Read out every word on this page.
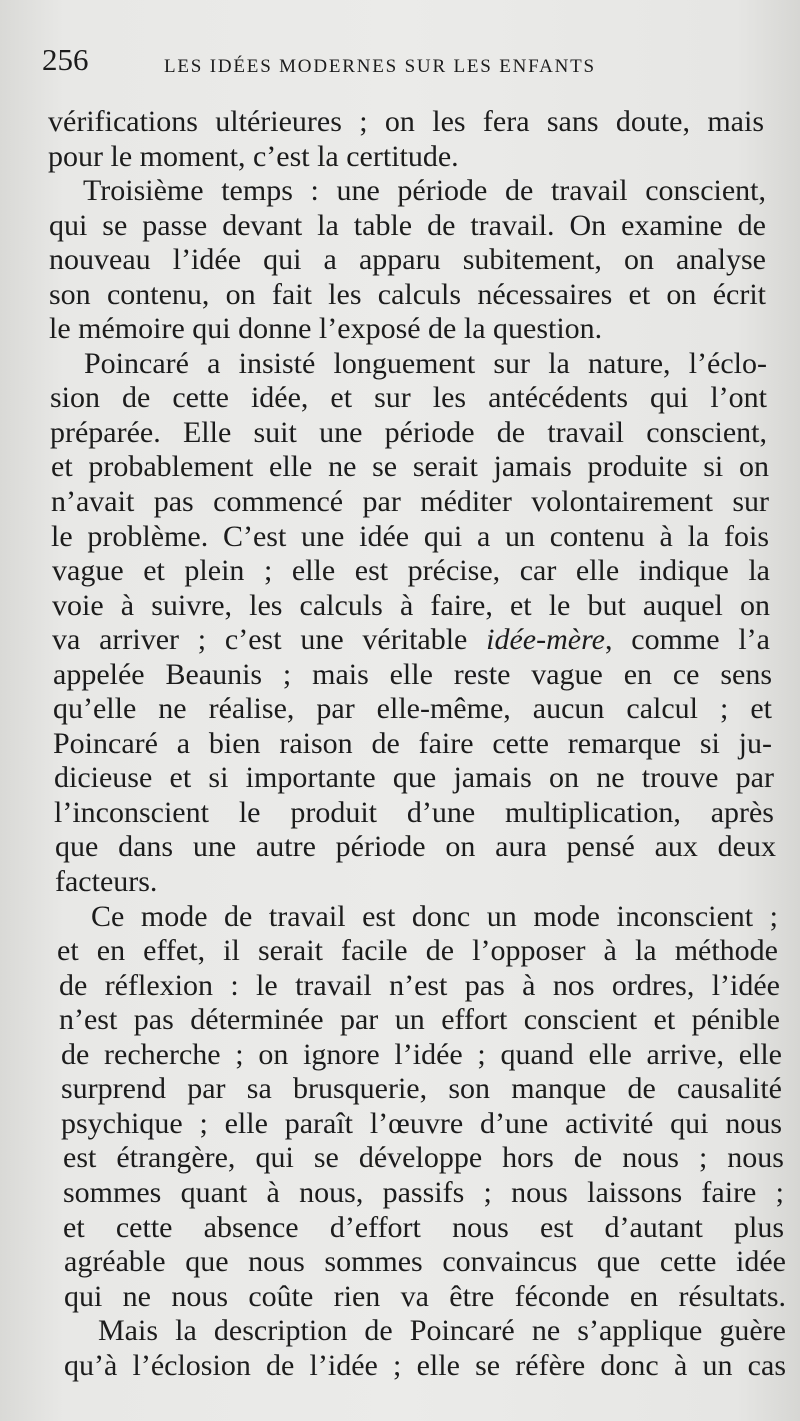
256	LES IDÉES MODERNES SUR LES ENFANTS
vérifications ultérieures ; on les fera sans doute, mais
pour le moment, c’est la certitude.
Troisième temps : une période de travail conscient,
qui se passe devant la table de travail. On examine de
nouveau l’idée qui a apparu subitement, on analyse
son contenu, on fait les calculs nécessaires et on écrit
le mémoire qui donne l’exposé de la question.
Poincaré a insisté longuement sur la nature, l’éclo-
sion de cette idée, et sur les antécédents qui l’ont
préparée. Elle suit une période de travail conscient,
et probablement elle ne se serait jamais produite si on
n’avait pas commencé par méditer volontairement sur
le problème. C’est une idée qui a un contenu à la fois
vague et plein ; elle est précise, car elle indique la
voie à suivre, les calculs à faire, et le but auquel on
va arriver ; c’est une véritable idée-mère, comme l’a
appelée Beaunis ; mais elle reste vague en ce sens
qu’elle ne réalise, par elle-même, aucun calcul ; et
Poincaré a bien raison de faire cette remarque si ju-
dicieuse et si importante que jamais on ne trouve par
l’inconscient le produit d’une multiplication, après
que dans une autre période on aura pensé aux deux
facteurs.
Ce mode de travail est donc un mode inconscient ;
et en effet, il serait facile de l’opposer à la méthode
de réflexion : le travail n’est pas à nos ordres, l’idée
n’est pas déterminée par un effort conscient et pénible
de recherche ; on ignore l’idée ; quand elle arrive, elle
surprend par sa brusquerie, son manque de causalité
psychique ; elle paraît l’œuvre d’une activité qui nous
est étrangère, qui se développe hors de nous ; nous
sommes quant à nous, passifs ; nous laissons faire ;
et cette absence d’effort nous est d’autant plus
agréable que nous sommes convaincus que cette idée
qui ne nous coûte rien va être féconde en résultats.
Mais la description de Poincaré ne s’applique guère
qu’à l’éclosion de l’idée ; elle se réfère donc à un cas
